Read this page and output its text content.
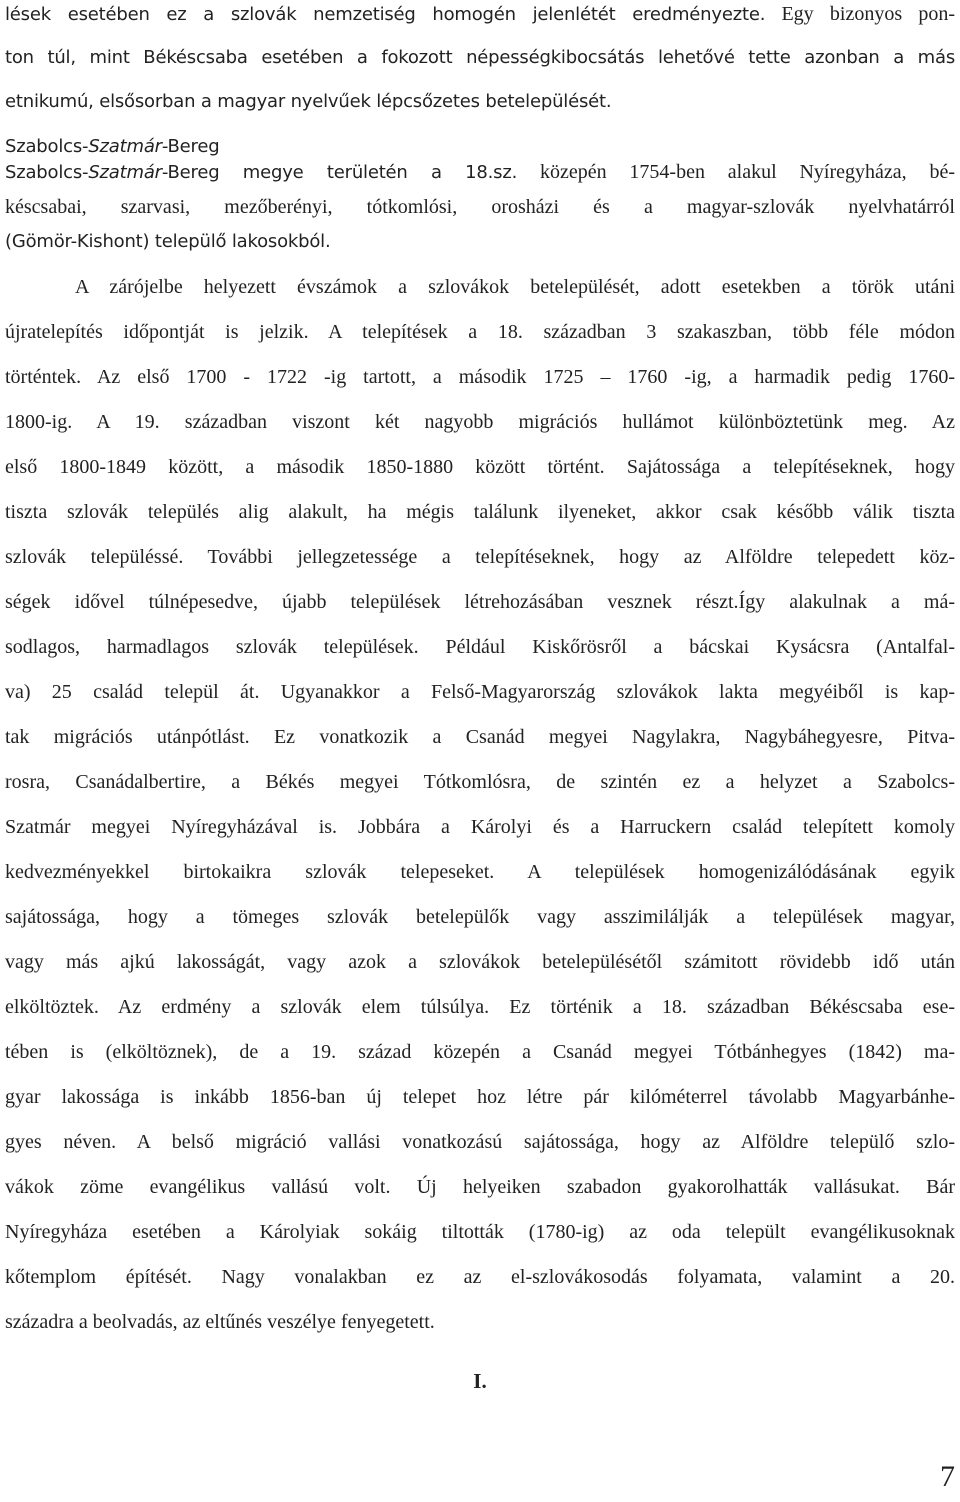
lések esetében ez a szlovák nemzetiség homogén jelenlétét eredményezte. Egy bizonyos pon-
ton túl, mint Békéscsaba esetében a fokozott népességkibocsátás lehetővé tette azonban a más
etnikumú, elsősorban a magyar nyelvűek lépcsőzetes betelepülését.
Szabolcs-Szatmár-Bereg
Szabolcs-Szatmár-Bereg megye területén a 18.sz. közepén 1754-ben alakul Nyíregyháza, bé-
késcsabai, szarvasi, mezőberényi, tótkomlósi, orosházi és a magyar-szlovák nyelvhatárról
(Gömör-Kishont) települő lakosokból.
A zárójelbe helyezett évszámok a szlovákok betelepülését, adott esetekben a török utáni
újratelepítés időpontját is jelzik. A telepítések a 18. században 3 szakaszban, több féle módon
történtek. Az első 1700 - 1722 -ig tartott, a második 1725 – 1760 -ig, a harmadik pedig 1760-
1800-ig. A 19. században viszont két nagyobb migrációs hullámot különböztetünk meg. Az
első 1800-1849 között, a második 1850-1880 között történt. Sajátossága a telepítéseknek, hogy
tiszta szlovák település alig alakult, ha mégis találunk ilyeneket, akkor csak később válik tiszta
szlovák településsé. További jellegzetessége a telepítéseknek, hogy az Alföldre telepedett köz-
ségek idővel túlnépesedve, újabb települések létrehozásában vesznek részt.Így alakulnak a má-
sodlagos, harmadlagos szlovák települések. Például Kiskőrösről a bácskai Kysácsra (Antalfal-
va) 25 család települ át. Ugyanakkor a Felső-Magyarország szlovákok lakta megyéiből is kap-
tak migrációs utánpótlást. Ez vonatkozik a Csanád megyei Nagylakra, Nagybáhegyesre, Pitva-
rosra, Csanádalbertire, a Békés megyei Tótkomlósra, de szintén ez a helyzet a Szabolcs-
Szatmár megyei Nyíregyházával is. Jobbára a Károlyi és a Harruckern család telepített komoly
kedvezményekkel birtokaikra szlovák telepeseket. A települések homogenizálódásának egyik
sajátossága, hogy a tömeges szlovák betelepülők vagy asszimilálják a települések magyar,
vagy más ajkú lakosságát, vagy azok a szlovákok betelepülésétől számitott rövidebb idő után
elköltöztek. Az erdmény a szlovák elem túlsúlya. Ez történik a 18. században Békéscsaba ese-
tében is (elköltöznek), de a 19. század közepén a Csanád megyei Tótbánhegyes (1842) ma-
gyar lakossága is inkább 1856-ban új telepet hoz létre pár kilóméterrel távolabb Magyarbánhe-
gyes néven. A belső migráció vallási vonatkozású sajátossága, hogy az Alföldre települő szlo-
vákok zöme evangélikus vallású volt. Új helyeiken szabadon gyakorolhatták vallásukat. Bár
Nyíregyháza esetében a Károlyiak sokáig tiltották (1780-ig) az oda települt evangélikusoknak
kőtemplom építését. Nagy vonalakban ez az el-szlovákosodás folyamata, valamint a 20.
századra a beolvadás, az eltűnés veszélye fenyegetett.
I.
7
